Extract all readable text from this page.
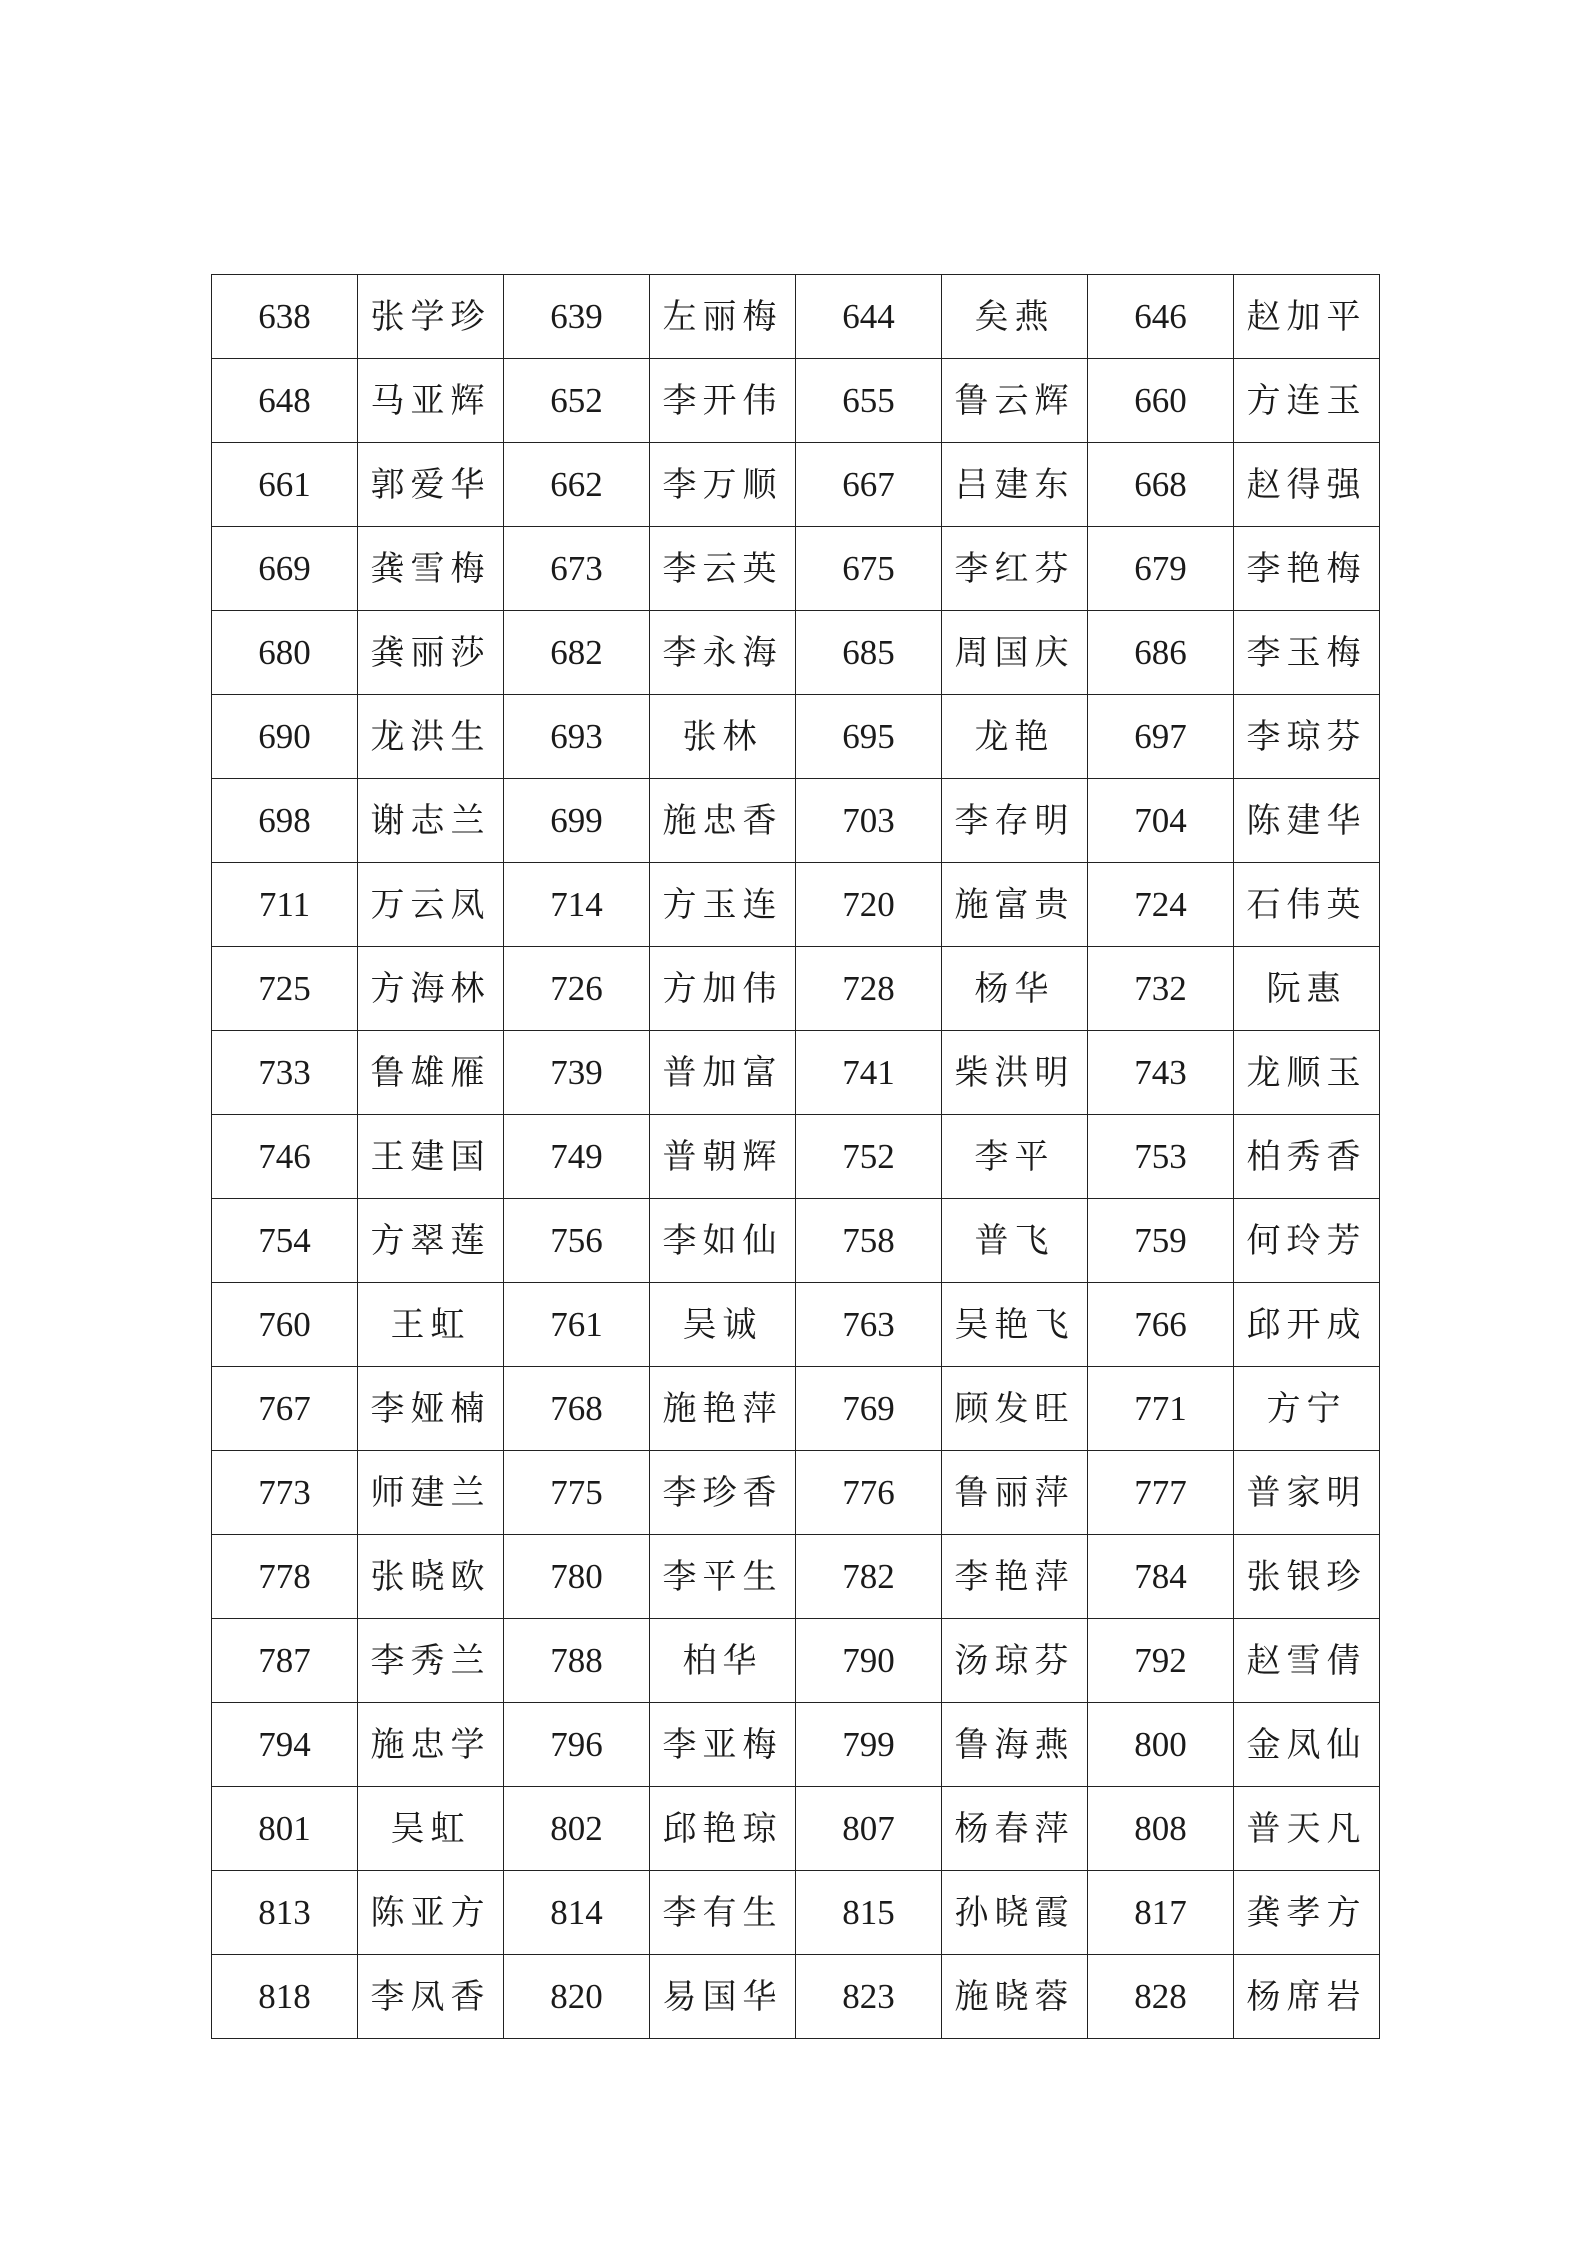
638	张学珍	639	左丽梅	644	矣燕	646	赵加平
648	马亚辉	652	李开伟	655	鲁云辉	660	方连玉
661	郭爱华	662	李万顺	667	吕建东	668	赵得强
669	龚雪梅	673	李云英	675	李红芬	679	李艳梅
680	龚丽莎	682	李永海	685	周国庆	686	李玉梅
690	龙洪生	693	张林	695	龙艳	697	李琼芬
698	谢志兰	699	施忠香	703	李存明	704	陈建华
711	万云凤	714	方玉连	720	施富贵	724	石伟英
725	方海林	726	方加伟	728	杨华	732	阮惠
733	鲁雄雁	739	普加富	741	柴洪明	743	龙顺玉
746	王建国	749	普朝辉	752	李平	753	柏秀香
754	方翠莲	756	李如仙	758	普飞	759	何玲芳
760	王虹	761	吴诚	763	吴艳飞	766	邱开成
767	李娅楠	768	施艳萍	769	顾发旺	771	方宁
773	师建兰	775	李珍香	776	鲁丽萍	777	普家明
778	张晓欧	780	李平生	782	李艳萍	784	张银珍
787	李秀兰	788	柏华	790	汤琼芬	792	赵雪倩
794	施忠学	796	李亚梅	799	鲁海燕	800	金凤仙
801	吴虹	802	邱艳琼	807	杨春萍	808	普天凡
813	陈亚方	814	李有生	815	孙晓霞	817	龚孝方
818	李凤香	820	易国华	823	施晓蓉	828	杨席岩
